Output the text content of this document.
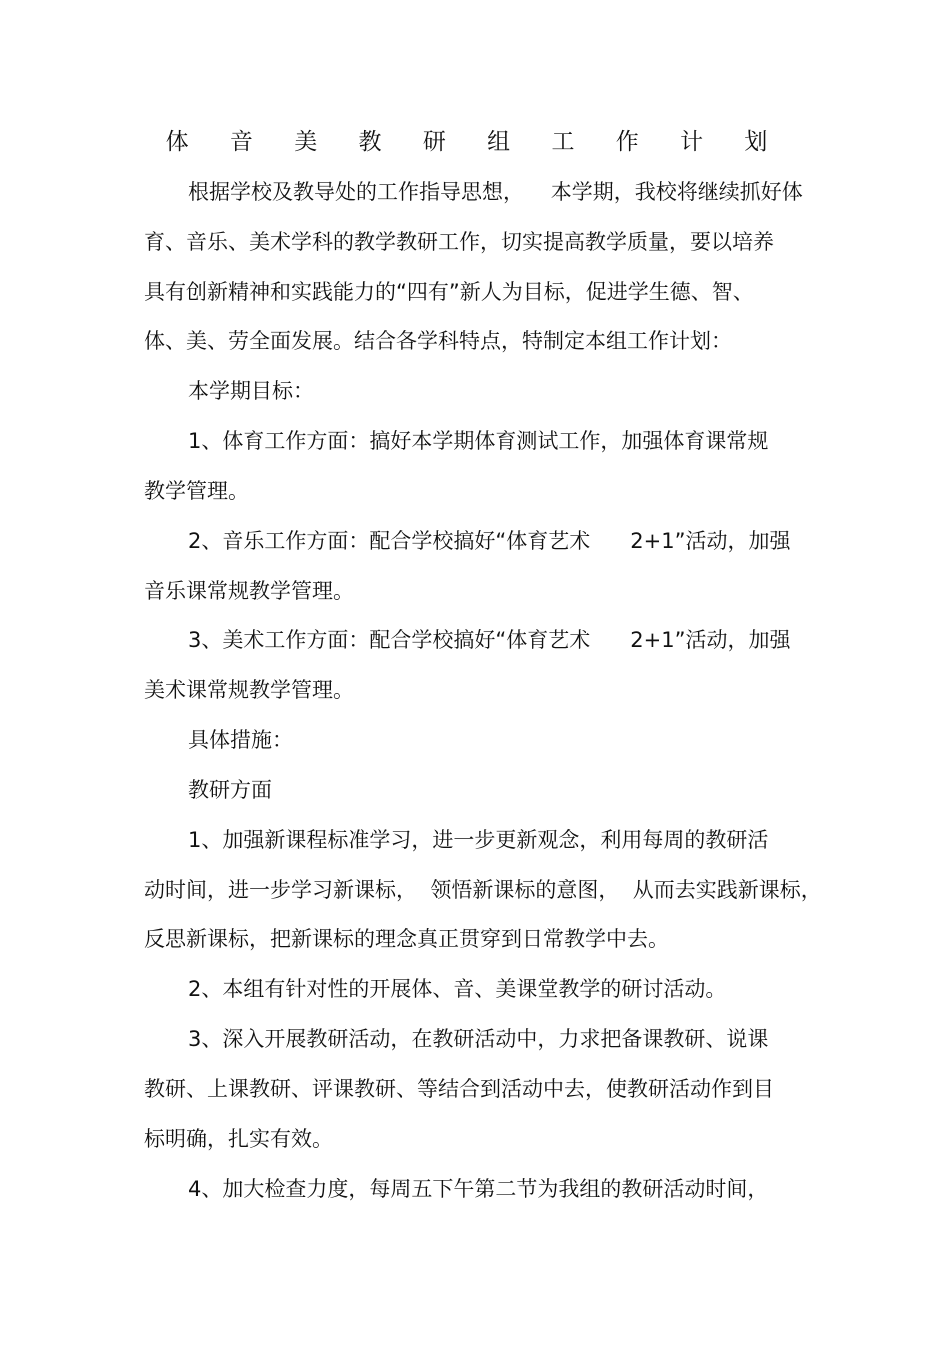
体 音 美 教 研 组 工 作 计 划
根据学校及教导处的工作指导思想，    本学期，我校将继续抓好体
育、音乐、美术学科的教学教研工作，切实提高教学质量，要以培养
具有创新精神和实践能力的“四有”新人为目标，促进学生德、智、
体、美、劳全面发展。结合各学科特点，特制定本组工作计划：
本学期目标：
1、体育工作方面：搞好本学期体育测试工作，加强体育课常规
教学管理。
2、音乐工作方面：配合学校搞好“体育艺术      2+1”活动，加强
音乐课常规教学管理。
3、美术工作方面：配合学校搞好“体育艺术      2+1”活动，加强
美术课常规教学管理。
具体措施：
教研方面
1、加强新课程标准学习，进一步更新观念，利用每周的教研活
动时间，进一步学习新课标，  领悟新课标的意图，  从而去实践新课标，
反思新课标，把新课标的理念真正贯穿到日常教学中去。
2、本组有针对性的开展体、音、美课堂教学的研讨活动。
3、深入开展教研活动，在教研活动中，力求把备课教研、说课
教研、上课教研、评课教研、等结合到活动中去，使教研活动作到目
标明确，扎实有效。
4、加大检查力度，每周五下午第二节为我组的教研活动时间，
